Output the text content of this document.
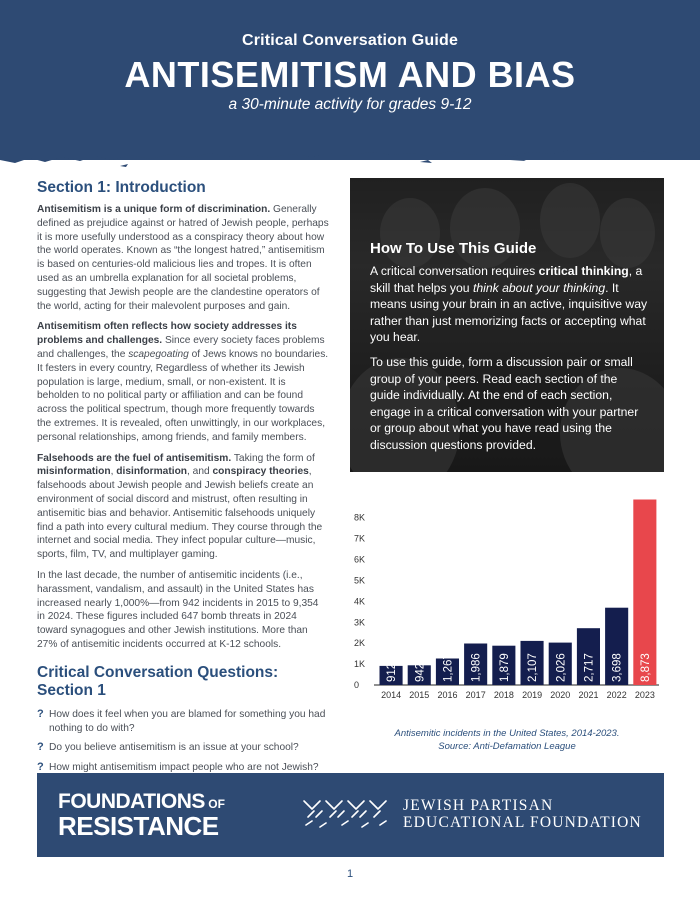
Critical Conversation Guide
ANTISEMITISM AND BIAS
a 30-minute activity for grades 9-12
Section 1: Introduction

Antisemitism is a unique form of discrimination. Generally defined as prejudice against or hatred of Jewish people, perhaps it is more usefully understood as a conspiracy theory about how the world operates. Known as “the longest hatred,” antisemitism is based on centuries-old malicious lies and tropes. It is often used as an umbrella explanation for all societal problems, suggesting that Jewish people are the clandestine operators of the world, acting for their malevolent purposes and gain.

Antisemitism often reflects how society addresses its problems and challenges. Since every society faces problems and challenges, the scapegoating of Jews knows no boundaries. It festers in every country, Regardless of whether its Jewish population is large, medium, small, or non-existent. It is beholden to no political party or affiliation and can be found across the political spectrum, though more frequently towards the extremes. It is revealed, often unwittingly, in our workplaces, personal relationships, among friends, and family members.

Falsehoods are the fuel of antisemitism. Taking the form of misinformation, disinformation, and conspiracy theories, falsehoods about Jewish people and Jewish beliefs create an environment of social discord and mistrust, often resulting in antisemitic bias and behavior. Antisemitic falsehoods uniquely find a path into every cultural medium. They course through the internet and social media. They infect popular culture—music, sports, film, TV, and multiplayer gaming.

In the last decade, the number of antisemitic incidents (i.e., harassment, vandalism, and assault) in the United States has increased nearly 1,000%—from 942 incidents in 2015 to 9,354 in 2024. These figures included 647 bomb threats in 2024 toward synagogues and other Jewish institutions. More than 27% of antisemitic incidents occurred at K-12 schools.

Critical Conversation Questions: Section 1
? How does it feel when you are blamed for something you had nothing to do with?
? Do you believe antisemitism is an issue at your school?
? How might antisemitism impact people who are not Jewish?
How To Use This Guide

A critical conversation requires critical thinking, a skill that helps you think about your thinking. It means using your brain in an active, inquisitive way rather than just memorizing facts or accepting what you hear.

To use this guide, form a discussion pair or small group of your peers. Read each section of the guide individually. At the end of each section, engage in a critical conversation with your partner or group about what you have read using the discussion questions provided.

0
1K
2K
3K
4K
5K
6K
7K
8K
912
2014
942
2015
1,267
2016
1,986
2017
1,879
2018
2,107
2019
2,026
2020
2,717
2021
3,698
2022
8,873
2023
Antisemitic incidents in the United States, 2014-2023.
Source: Anti-Defamation League
FOUNDATIONS OF
RESISTANCE
JEWISH PARTISAN
EDUCATIONAL FOUNDATION
1
